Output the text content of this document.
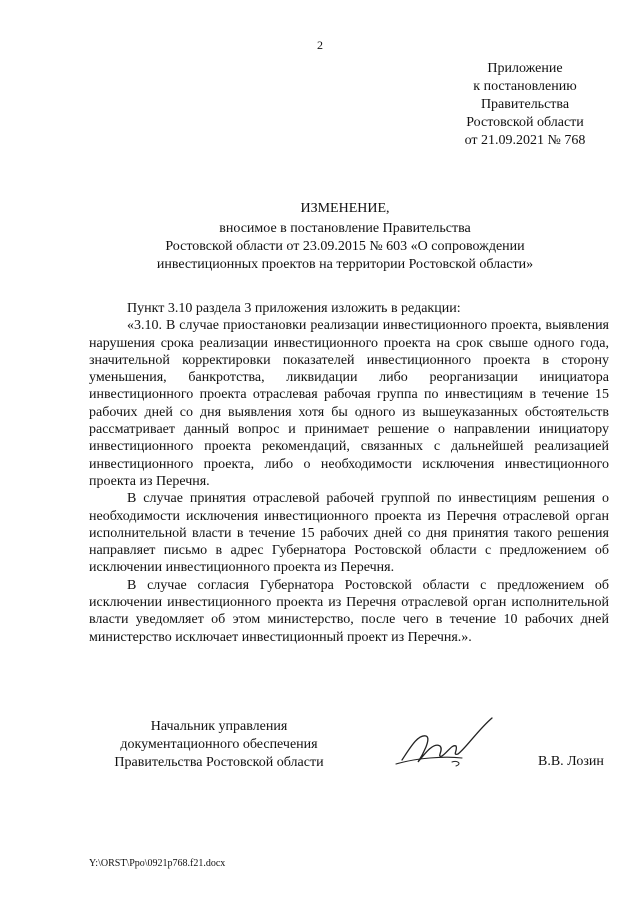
2
Приложение
к постановлению
Правительства
Ростовской области
от 21.09.2021 № 768
ИЗМЕНЕНИЕ,
вносимое в постановление Правительства
Ростовской области от 23.09.2015 № 603 «О сопровождении
инвестиционных проектов на территории Ростовской области»

Пункт 3.10 раздела 3 приложения изложить в редакции:

«3.10. В случае приостановки реализации инвестиционного проекта, выявления нарушения срока реализации инвестиционного проекта на срок свыше одного года, значительной корректировки показателей инвестиционного проекта в сторону уменьшения, банкротства, ликвидации либо реорганизации инициатора инвестиционного проекта отраслевая рабочая группа по инвестициям в течение 15 рабочих дней со дня выявления хотя бы одного из вышеуказанных обстоятельств рассматривает данный вопрос и принимает решение о направлении инициатору инвестиционного проекта рекомендаций, связанных с дальнейшей реализацией инвестиционного проекта, либо о необходимости исключения инвестиционного проекта из Перечня.

В случае принятия отраслевой рабочей группой по инвестициям решения о необходимости исключения инвестиционного проекта из Перечня отраслевой орган исполнительной власти в течение 15 рабочих дней со дня принятия такого решения направляет письмо в адрес Губернатора Ростовской области с предложением об исключении инвестиционного проекта из Перечня.

В случае согласия Губернатора Ростовской области с предложением об исключении инвестиционного проекта из Перечня отраслевой орган исполнительной власти уведомляет об этом министерство, после чего в течение 10 рабочих дней министерство исключает инвестиционный проект из Перечня.».

Начальник управления
документационного обеспечения
Правительства Ростовской области	В.В. Лозин
Y:\ORST\Ppo\0921p768.f21.docx
